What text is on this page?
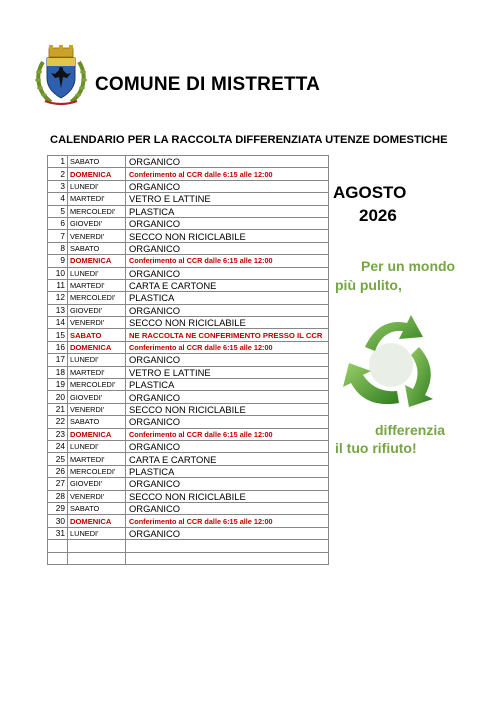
COMUNE DI MISTRETTA
CALENDARIO PER LA RACCOLTA DIFFERENZIATA UTENZE DOMESTICHE
1	SABATO	ORGANICO
2	DOMENICA	Conferimento al CCR dalle 6:15 alle 12:00
3	LUNEDI'	ORGANICO
4	MARTEDI'	VETRO E LATTINE
5	MERCOLEDI'	PLASTICA
6	GIOVEDI'	ORGANICO
7	VENERDI'	SECCO NON RICICLABILE
8	SABATO	ORGANICO
9	DOMENICA	Conferimento al CCR dalle 6:15 alle 12:00
10	LUNEDI'	ORGANICO
11	MARTEDI'	CARTA E CARTONE
12	MERCOLEDI'	PLASTICA
13	GIOVEDI'	ORGANICO
14	VENERDI'	SECCO NON RICICLABILE
15	SABATO	NE RACCOLTA NE CONFERIMENTO PRESSO IL CCR
16	DOMENICA	Conferimento al CCR dalle 6:15 alle 12:00
17	LUNEDI'	ORGANICO
18	MARTEDI'	VETRO E LATTINE
19	MERCOLEDI'	PLASTICA
20	GIOVEDI'	ORGANICO
21	VENERDI'	SECCO NON RICICLABILE
22	SABATO	ORGANICO
23	DOMENICA	Conferimento al CCR dalle 6:15 alle 12:00
24	LUNEDI'	ORGANICO
25	MARTEDI'	CARTA E CARTONE
26	MERCOLEDI'	PLASTICA
27	GIOVEDI'	ORGANICO
28	VENERDI'	SECCO NON RICICLABILE
29	SABATO	ORGANICO
30	DOMENICA	Conferimento al CCR dalle 6:15 alle 12:00
31	LUNEDI'	ORGANICO

AGOSTO
2026
Per un mondo
più pulito,
differenzia
il tuo rifiuto!
